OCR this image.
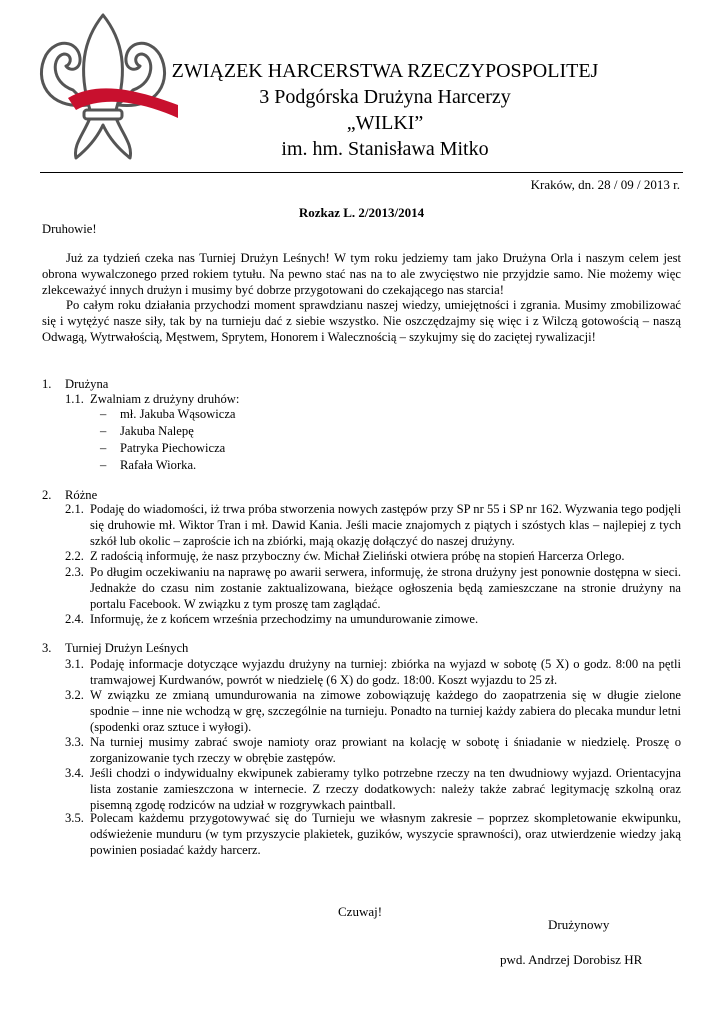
ZWIĄZEK HARCERSTWA RZECZYPOSPOLITEJ
3 Podgórska Drużyna Harcerzy
„WILKI”
im. hm. Stanisława Mitko
Kraków, dn. 28 / 09 / 2013 r.
Rozkaz L. 2/2013/2014
Druhowie!
Już za tydzień czeka nas Turniej Drużyn Leśnych! W tym roku jedziemy tam jako Drużyna Orla i naszym celem jest obrona wywalczonego przed rokiem tytułu. Na pewno stać nas na to ale zwycięstwo nie przyjdzie samo. Nie możemy więc zlekceważyć innych drużyn i musimy być dobrze przygotowani do czekającego nas starcia!
Po całym roku działania przychodzi moment sprawdzianu naszej wiedzy, umiejętności i zgrania. Musimy zmobilizować się i wytężyć nasze siły, tak by na turnieju dać z siebie wszystko. Nie oszczędzajmy się więc i z Wilczą gotowością – naszą Odwagą, Wytrwałością, Męstwem, Sprytem, Honorem i Walecznością – szykujmy się do zaciętej rywalizacji!
1. Drużyna
1.1. Zwalniam z drużyny druhów:
– mł. Jakuba Wąsowicza
– Jakuba Nalepę
– Patryka Piechowicza
– Rafała Wiorka.
2. Różne
2.1. Podaję do wiadomości, iż trwa próba stworzenia nowych zastępów przy SP nr 55 i SP nr 162. Wyzwania tego podjęli się druhowie mł. Wiktor Tran i mł. Dawid Kania. Jeśli macie znajomych z piątych i szóstych klas – najlepiej z tych szkół lub okolic – zaproście ich na zbiórki, mają okazję dołączyć do naszej drużyny.
2.2. Z radością informuję, że nasz przyboczny ćw. Michał Zieliński otwiera próbę na stopień Harcerza Orlego.
2.3. Po długim oczekiwaniu na naprawę po awarii serwera, informuję, że strona drużyny jest ponownie dostępna w sieci. Jednakże do czasu nim zostanie zaktualizowana, bieżące ogłoszenia będą zamieszczane na stronie drużyny na portalu Facebook. W związku z tym proszę tam zaglądać.
2.4. Informuję, że z końcem września przechodzimy na umundurowanie zimowe.
3. Turniej Drużyn Leśnych
3.1. Podaję informacje dotyczące wyjazdu drużyny na turniej: zbiórka na wyjazd w sobotę (5 X) o godz. 8:00 na pętli tramwajowej Kurdwanów, powrót w niedzielę (6 X) do godz. 18:00. Koszt wyjazdu to 25 zł.
3.2. W związku ze zmianą umundurowania na zimowe zobowiązuję każdego do zaopatrzenia się w długie zielone spodnie – inne nie wchodzą w grę, szczególnie na turnieju. Ponadto na turniej każdy zabiera do plecaka mundur letni (spodenki oraz sztuce i wyłogi).
3.3. Na turniej musimy zabrać swoje namioty oraz prowiant na kolację w sobotę i śniadanie w niedzielę. Proszę o zorganizowanie tych rzeczy w obrębie zastępów.
3.4. Jeśli chodzi o indywidualny ekwipunek zabieramy tylko potrzebne rzeczy na ten dwudniowy wyjazd. Orientacyjna lista zostanie zamieszczona w internecie. Z rzeczy dodatkowych: należy także zabrać legitymację szkolną oraz pisemną zgodę rodziców na udział w rozgrywkach paintball.
3.5. Polecam każdemu przygotowywać się do Turnieju we własnym zakresie – poprzez skompletowanie ekwipunku, odświeżenie munduru (w tym przyszycie plakietek, guzików, wyszycie sprawności), oraz utwierdzenie wiedzy jaką powinien posiadać każdy harcerz.
Czuwaj!
Drużynowy
pwd. Andrzej Dorobisz HR
